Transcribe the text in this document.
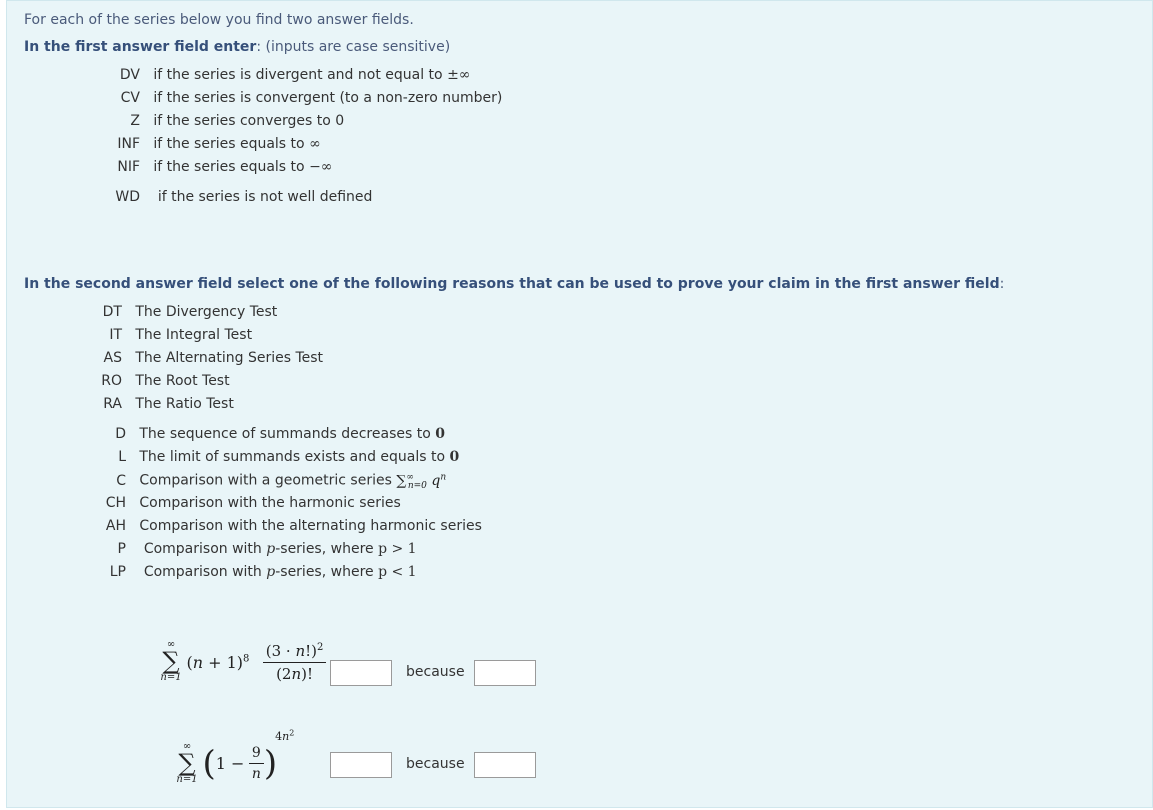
For each of the series below you find two answer fields.
In the first answer field enter: (inputs are case sensitive)
DV if the series is divergent and not equal to ±∞
CV if the series is convergent (to a non-zero number)
Z if the series converges to 0
INF if the series equals to ∞
NIF if the series equals to −∞
WD if the series is not well defined
In the second answer field select one of the following reasons that can be used to prove your claim in the first answer field:
DT The Divergency Test
IT The Integral Test
AS The Alternating Series Test
RO The Root Test
RA The Ratio Test
D The sequence of summands decreases to 0
L The limit of summands exists and equals to 0
C Comparison with a geometric series $\sum^\infty_{n=0}$ $q^n$
CH Comparison with the harmonic series
AH Comparison with the alternating harmonic series
P Comparison with p-series, where p > 1
LP Comparison with p-series, where p < 1
∞
∑
n=1
$(n + 1)^8 \frac{(3 \cdot n!)^2}{(2n)!}$	because
∞
∑
n=1 $(1 - \frac{9}{n} )^{4n^2}$
because
